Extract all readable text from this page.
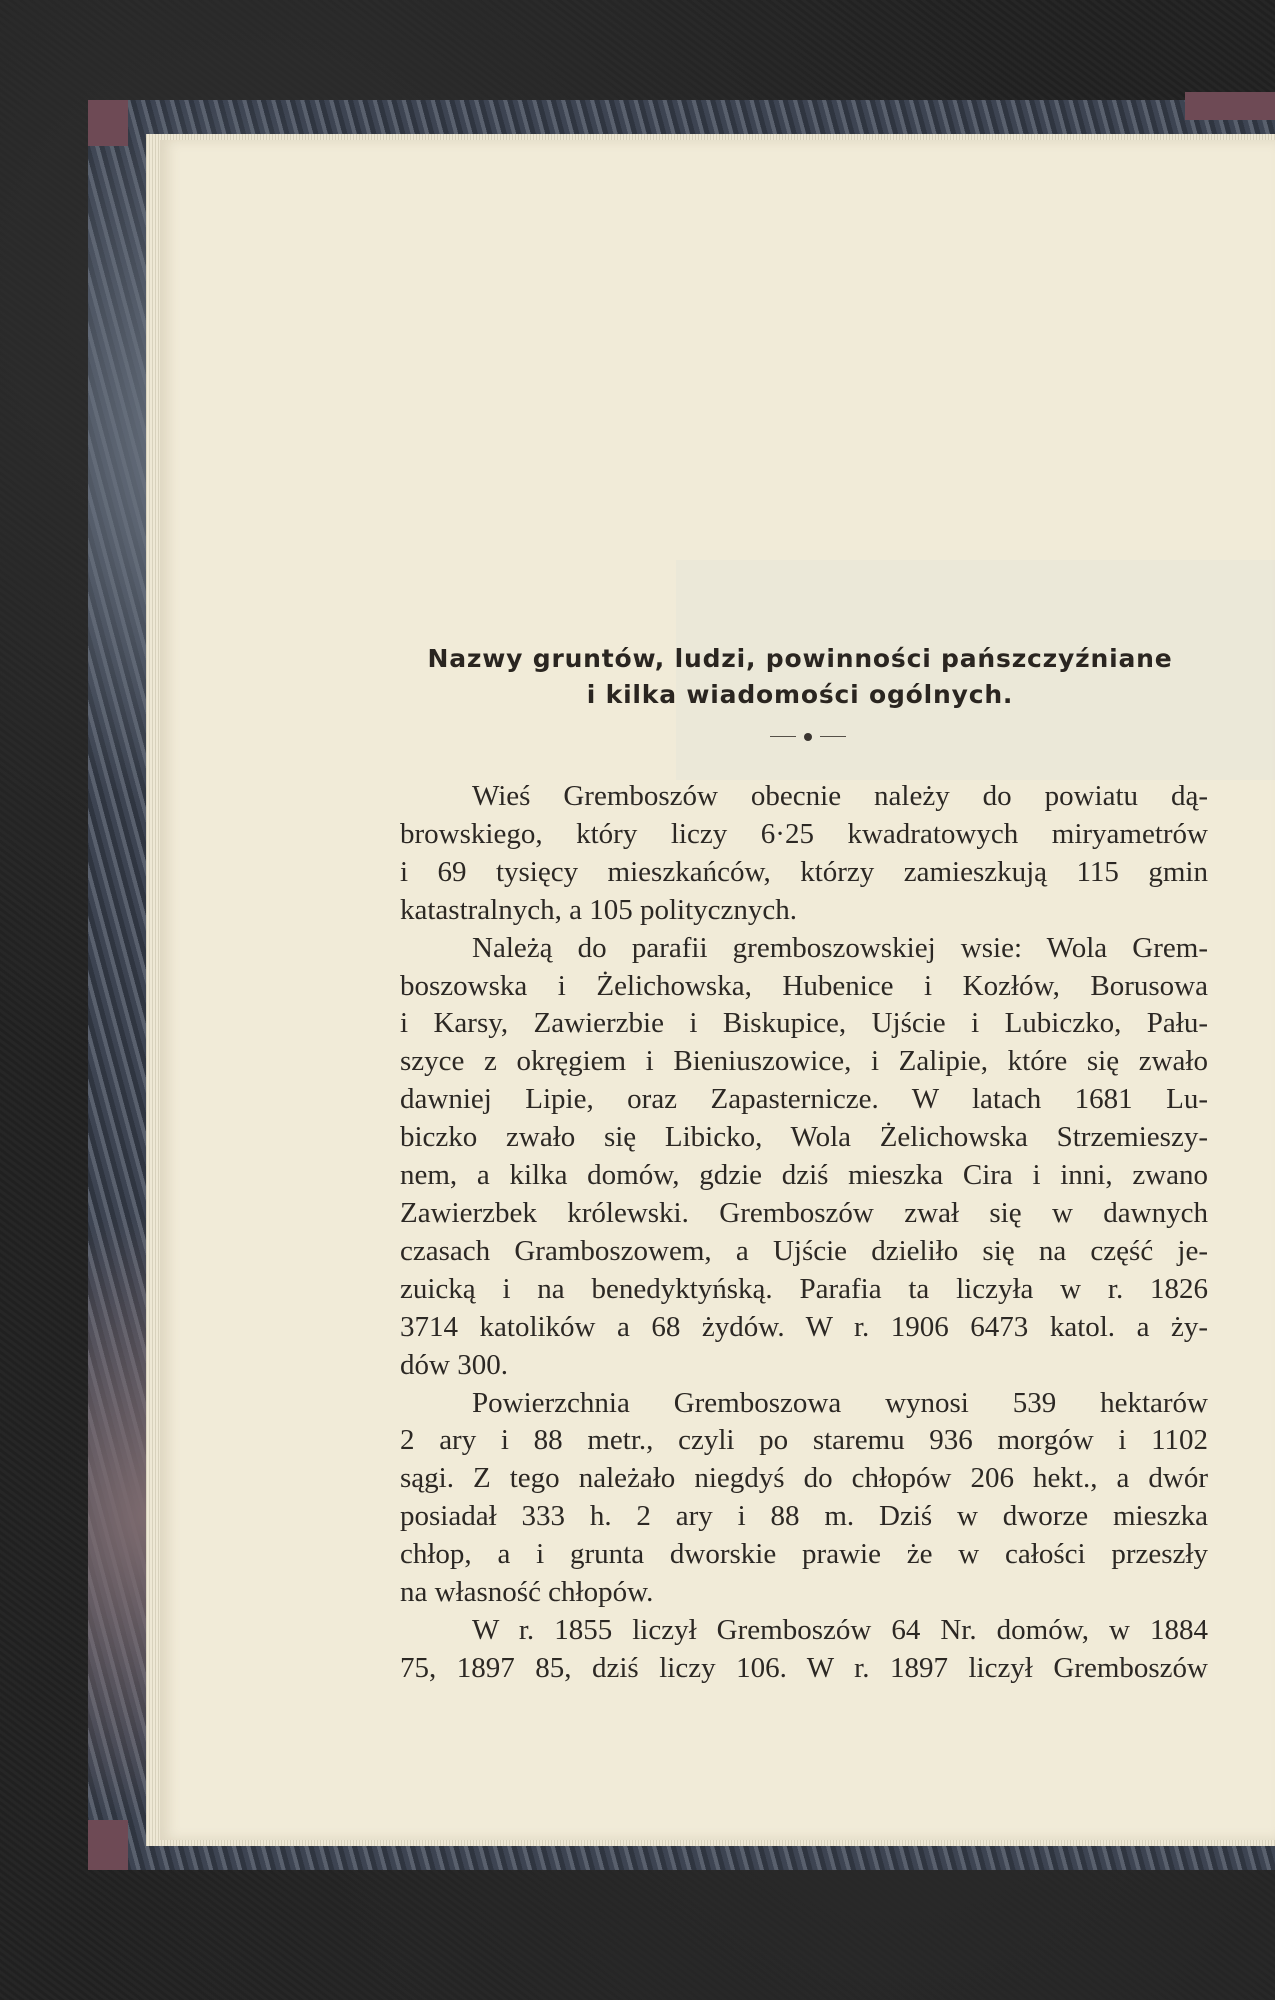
Nazwy gruntów, ludzi, powinności pańszczyźniane
i kilka wiadomości ogólnych.

Wieś Gremboszów obecnie należy do powiatu dą-

browskiego, który liczy 6·25 kwadratowych miryametrów

i 69 tysięcy mieszkańców, którzy zamieszkują 115 gmin

katastralnych, a 105 politycznych.

Należą do parafii gremboszowskiej wsie: Wola Grem-

boszowska i Żelichowska, Hubenice i Kozłów, Borusowa

i Karsy, Zawierzbie i Biskupice, Ujście i Lubiczko, Pału-

szyce z okręgiem i Bieniuszowice, i Zalipie, które się zwało

dawniej Lipie, oraz Zapasternicze. W latach 1681 Lu-

biczko zwało się Libicko, Wola Żelichowska Strzemieszy-

nem, a kilka domów, gdzie dziś mieszka Cira i inni, zwano

Zawierzbek królewski. Gremboszów zwał się w dawnych

czasach Gramboszowem, a Ujście dzieliło się na część je-

zuicką i na benedyktyńską. Parafia ta liczyła w r. 1826

3714 katolików a 68 żydów. W r. 1906 6473 katol. a ży-

dów 300.

Powierzchnia Gremboszowa wynosi 539 hektarów

2 ary i 88 metr., czyli po staremu 936 morgów i 1102

sągi. Z tego należało niegdyś do chłopów 206 hekt., a dwór

posiadał 333 h. 2 ary i 88 m. Dziś w dworze mieszka

chłop, a i grunta dworskie prawie że w całości przeszły

na własność chłopów.

W r. 1855 liczył Gremboszów 64 Nr. domów, w 1884

75, 1897 85, dziś liczy 106. W r. 1897 liczył Gremboszów
